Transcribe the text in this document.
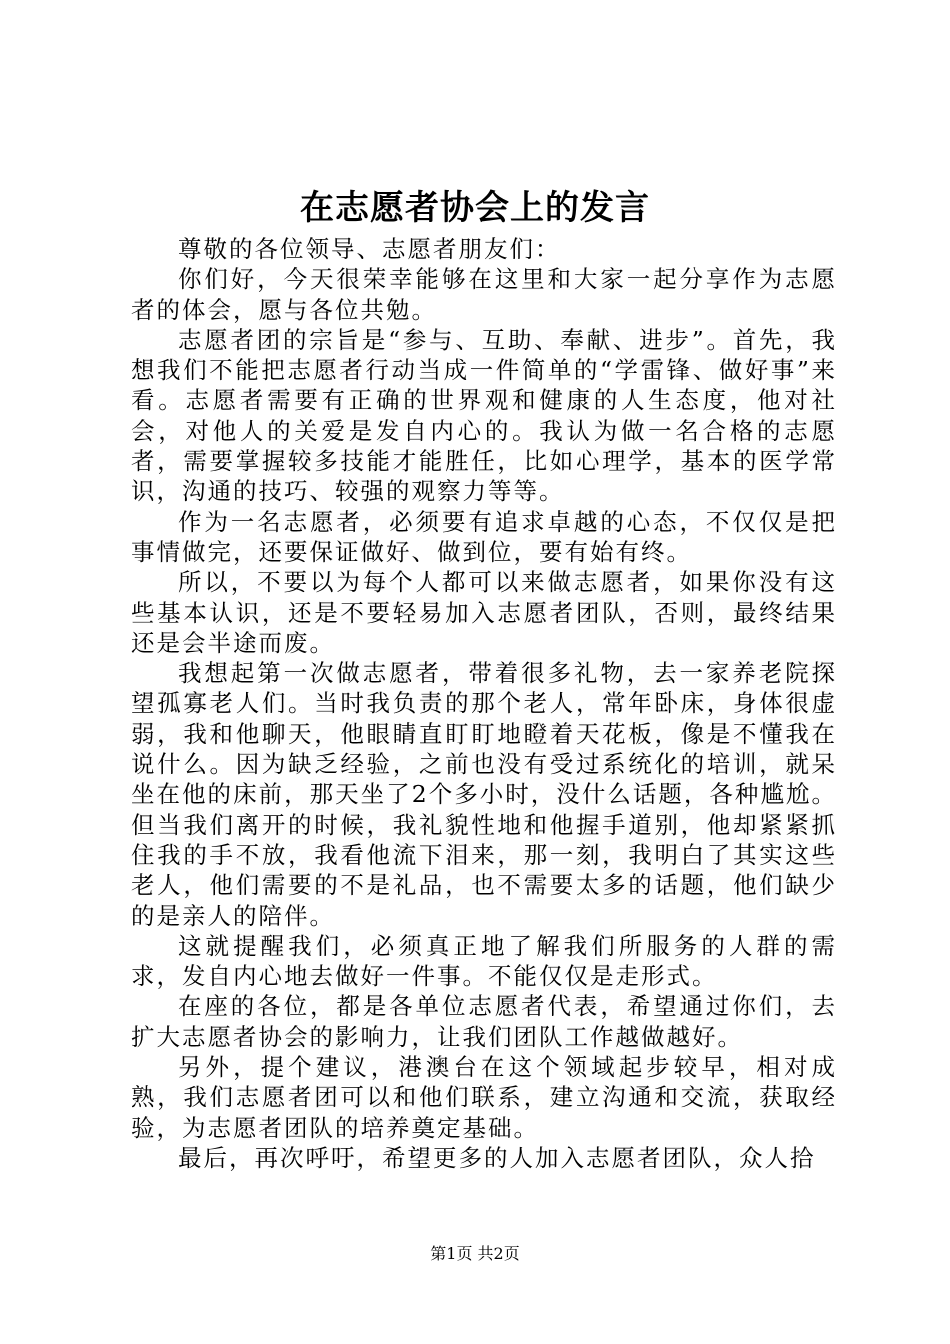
在志愿者协会上的发言

尊敬的各位领导、志愿者朋友们：

你们好，今天很荣幸能够在这里和大家一起分享作为志愿者的体会，愿与各位共勉。

志愿者团的宗旨是“参与、互助、奉献、进步”。首先，我想我们不能把志愿者行动当成一件简单的“学雷锋、做好事”来看。志愿者需要有正确的世界观和健康的人生态度，他对社会，对他人的关爱是发自内心的。我认为做一名合格的志愿者，需要掌握较多技能才能胜任，比如心理学，基本的医学常识，沟通的技巧、较强的观察力等等。

作为一名志愿者，必须要有追求卓越的心态，不仅仅是把事情做完，还要保证做好、做到位，要有始有终。

所以，不要以为每个人都可以来做志愿者，如果你没有这些基本认识，还是不要轻易加入志愿者团队，否则，最终结果还是会半途而废。

我想起第一次做志愿者，带着很多礼物，去一家养老院探望孤寡老人们。当时我负责的那个老人，常年卧床，身体很虚弱，我和他聊天，他眼睛直盯盯地瞪着天花板，像是不懂我在说什么。因为缺乏经验，之前也没有受过系统化的培训，就呆坐在他的床前，那天坐了2个多小时，没什么话题，各种尴尬。但当我们离开的时候，我礼貌性地和他握手道别，他却紧紧抓住我的手不放，我看他流下泪来，那一刻，我明白了其实这些老人，他们需要的不是礼品，也不需要太多的话题，他们缺少的是亲人的陪伴。

这就提醒我们，必须真正地了解我们所服务的人群的需求，发自内心地去做好一件事。不能仅仅是走形式。

在座的各位，都是各单位志愿者代表，希望通过你们，去扩大志愿者协会的影响力，让我们团队工作越做越好。

另外，提个建议，港澳台在这个领域起步较早，相对成熟，我们志愿者团可以和他们联系，建立沟通和交流，获取经验，为志愿者团队的培养奠定基础。

最后，再次呼吁，希望更多的人加入志愿者团队，众人拾

第1页 共2页
